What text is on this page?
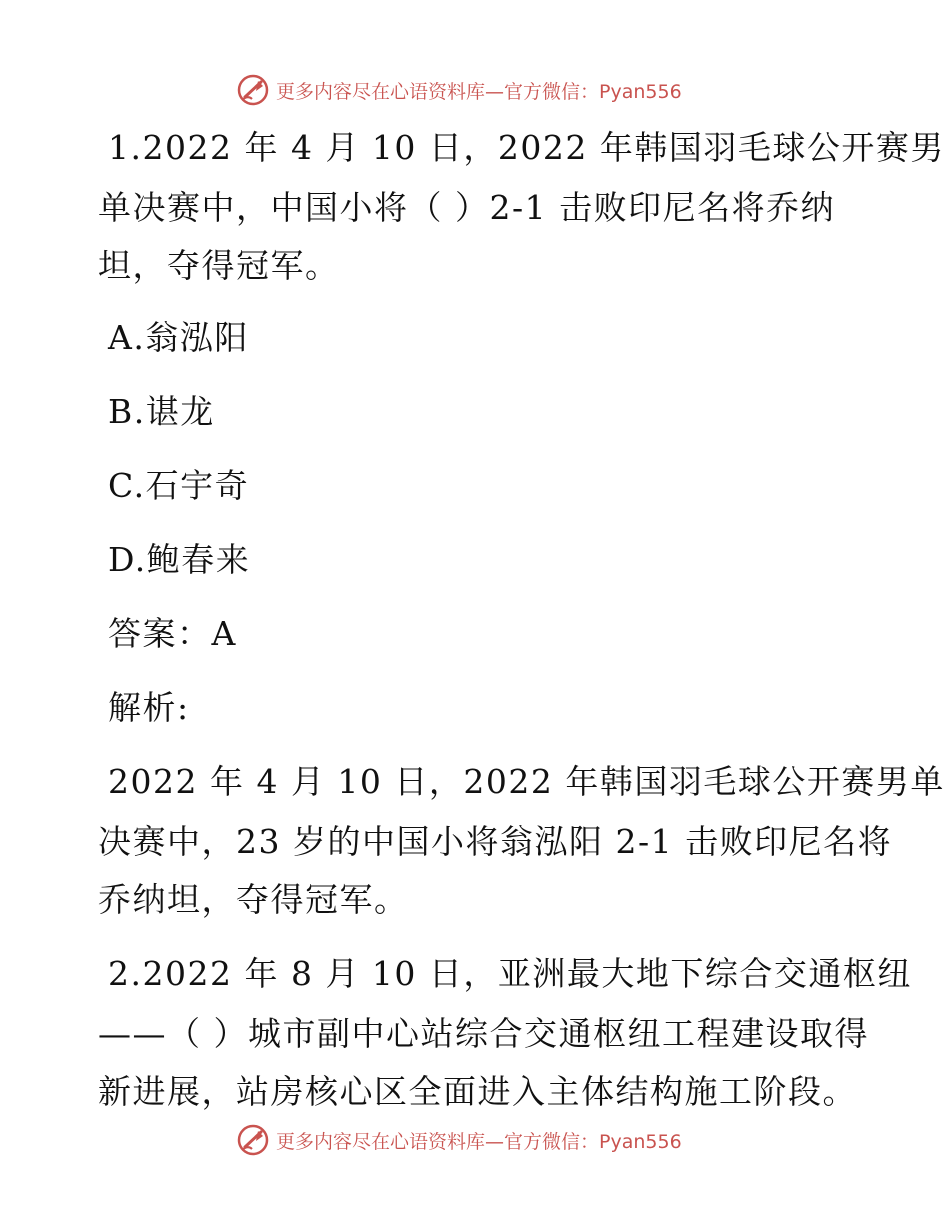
更多内容尽在心语资料库—官方微信：Pyan556
1.2022 年 4 月 10 日，2022 年韩国羽毛球公开赛男
单决赛中，中国小将（ ）2-1 击败印尼名将乔纳
坦，夺得冠军。
A.翁泓阳
B.谌龙
C.石宇奇
D.鲍春来
答案：A
解析:
2022 年 4 月 10 日，2022 年韩国羽毛球公开赛男单
决赛中，23 岁的中国小将翁泓阳 2-1 击败印尼名将
乔纳坦，夺得冠军。
2.2022 年 8 月 10 日，亚洲最大地下综合交通枢纽
——（ ）城市副中心站综合交通枢纽工程建设取得
新进展，站房核心区全面进入主体结构施工阶段。
更多内容尽在心语资料库—官方微信：Pyan556
